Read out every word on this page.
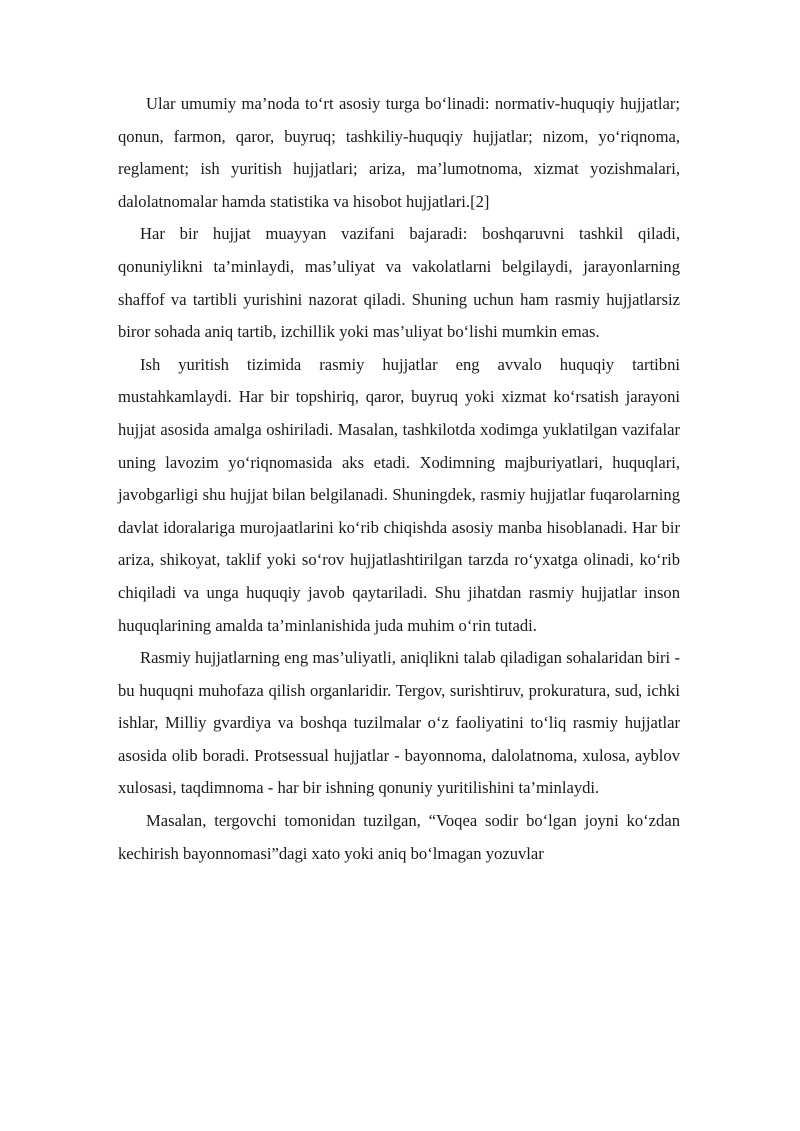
Ular umumiy ma’noda to‘rt asosiy turga bo‘linadi: normativ-huquqiy hujjatlar; qonun, farmon, qaror, buyruq; tashkiliy-huquqiy hujjatlar; nizom, yo‘riqnoma, reglament; ish yuritish hujjatlari; ariza, ma’lumotnoma, xizmat yozishmalari, dalolatnomalar hamda statistika va hisobot hujjatlari.[2]

Har bir hujjat muayyan vazifani bajaradi: boshqaruvni tashkil qiladi, qonuniylikni ta’minlaydi, mas’uliyat va vakolatlarni belgilaydi, jarayonlarning shaffof va tartibli yurishini nazorat qiladi. Shuning uchun ham rasmiy hujjatlarsiz biror sohada aniq tartib, izchillik yoki mas’uliyat bo‘lishi mumkin emas.

Ish yuritish tizimida rasmiy hujjatlar eng avvalo huquqiy tartibni mustahkamlaydi. Har bir topshiriq, qaror, buyruq yoki xizmat ko‘rsatish jarayoni hujjat asosida amalga oshiriladi. Masalan, tashkilotda xodimga yuklatilgan vazifalar uning lavozim yo‘riqnomasida aks etadi. Xodimning majburiyatlari, huquqlari, javobgarligi shu hujjat bilan belgilanadi. Shuningdek, rasmiy hujjatlar fuqarolarning davlat idoralariga murojaatlarini ko‘rib chiqishda asosiy manba hisoblanadi. Har bir ariza, shikoyat, taklif yoki so‘rov hujjatlashtirilgan tarzda ro‘yxatga olinadi, ko‘rib chiqiladi va unga huquqiy javob qaytariladi. Shu jihatdan rasmiy hujjatlar inson huquqlarining amalda ta’minlanishida juda muhim o‘rin tutadi.

Rasmiy hujjatlarning eng mas’uliyatli, aniqlikni talab qiladigan sohalaridan biri - bu huquqni muhofaza qilish organlaridir. Tergov, surishtiruv, prokuratura, sud, ichki ishlar, Milliy gvardiya va boshqa tuzilmalar o‘z faoliyatini to‘liq rasmiy hujjatlar asosida olib boradi. Protsessual hujjatlar - bayonnoma, dalolatnoma, xulosa, ayblov xulosasi, taqdimnoma - har bir ishning qonuniy yuritilishini ta’minlaydi.

Masalan, tergovchi tomonidan tuzilgan, “Voqea sodir bo‘lgan joyni ko‘zdan kechirish bayonnomasi”dagi xato yoki aniq bo‘lmagan yozuvlar
